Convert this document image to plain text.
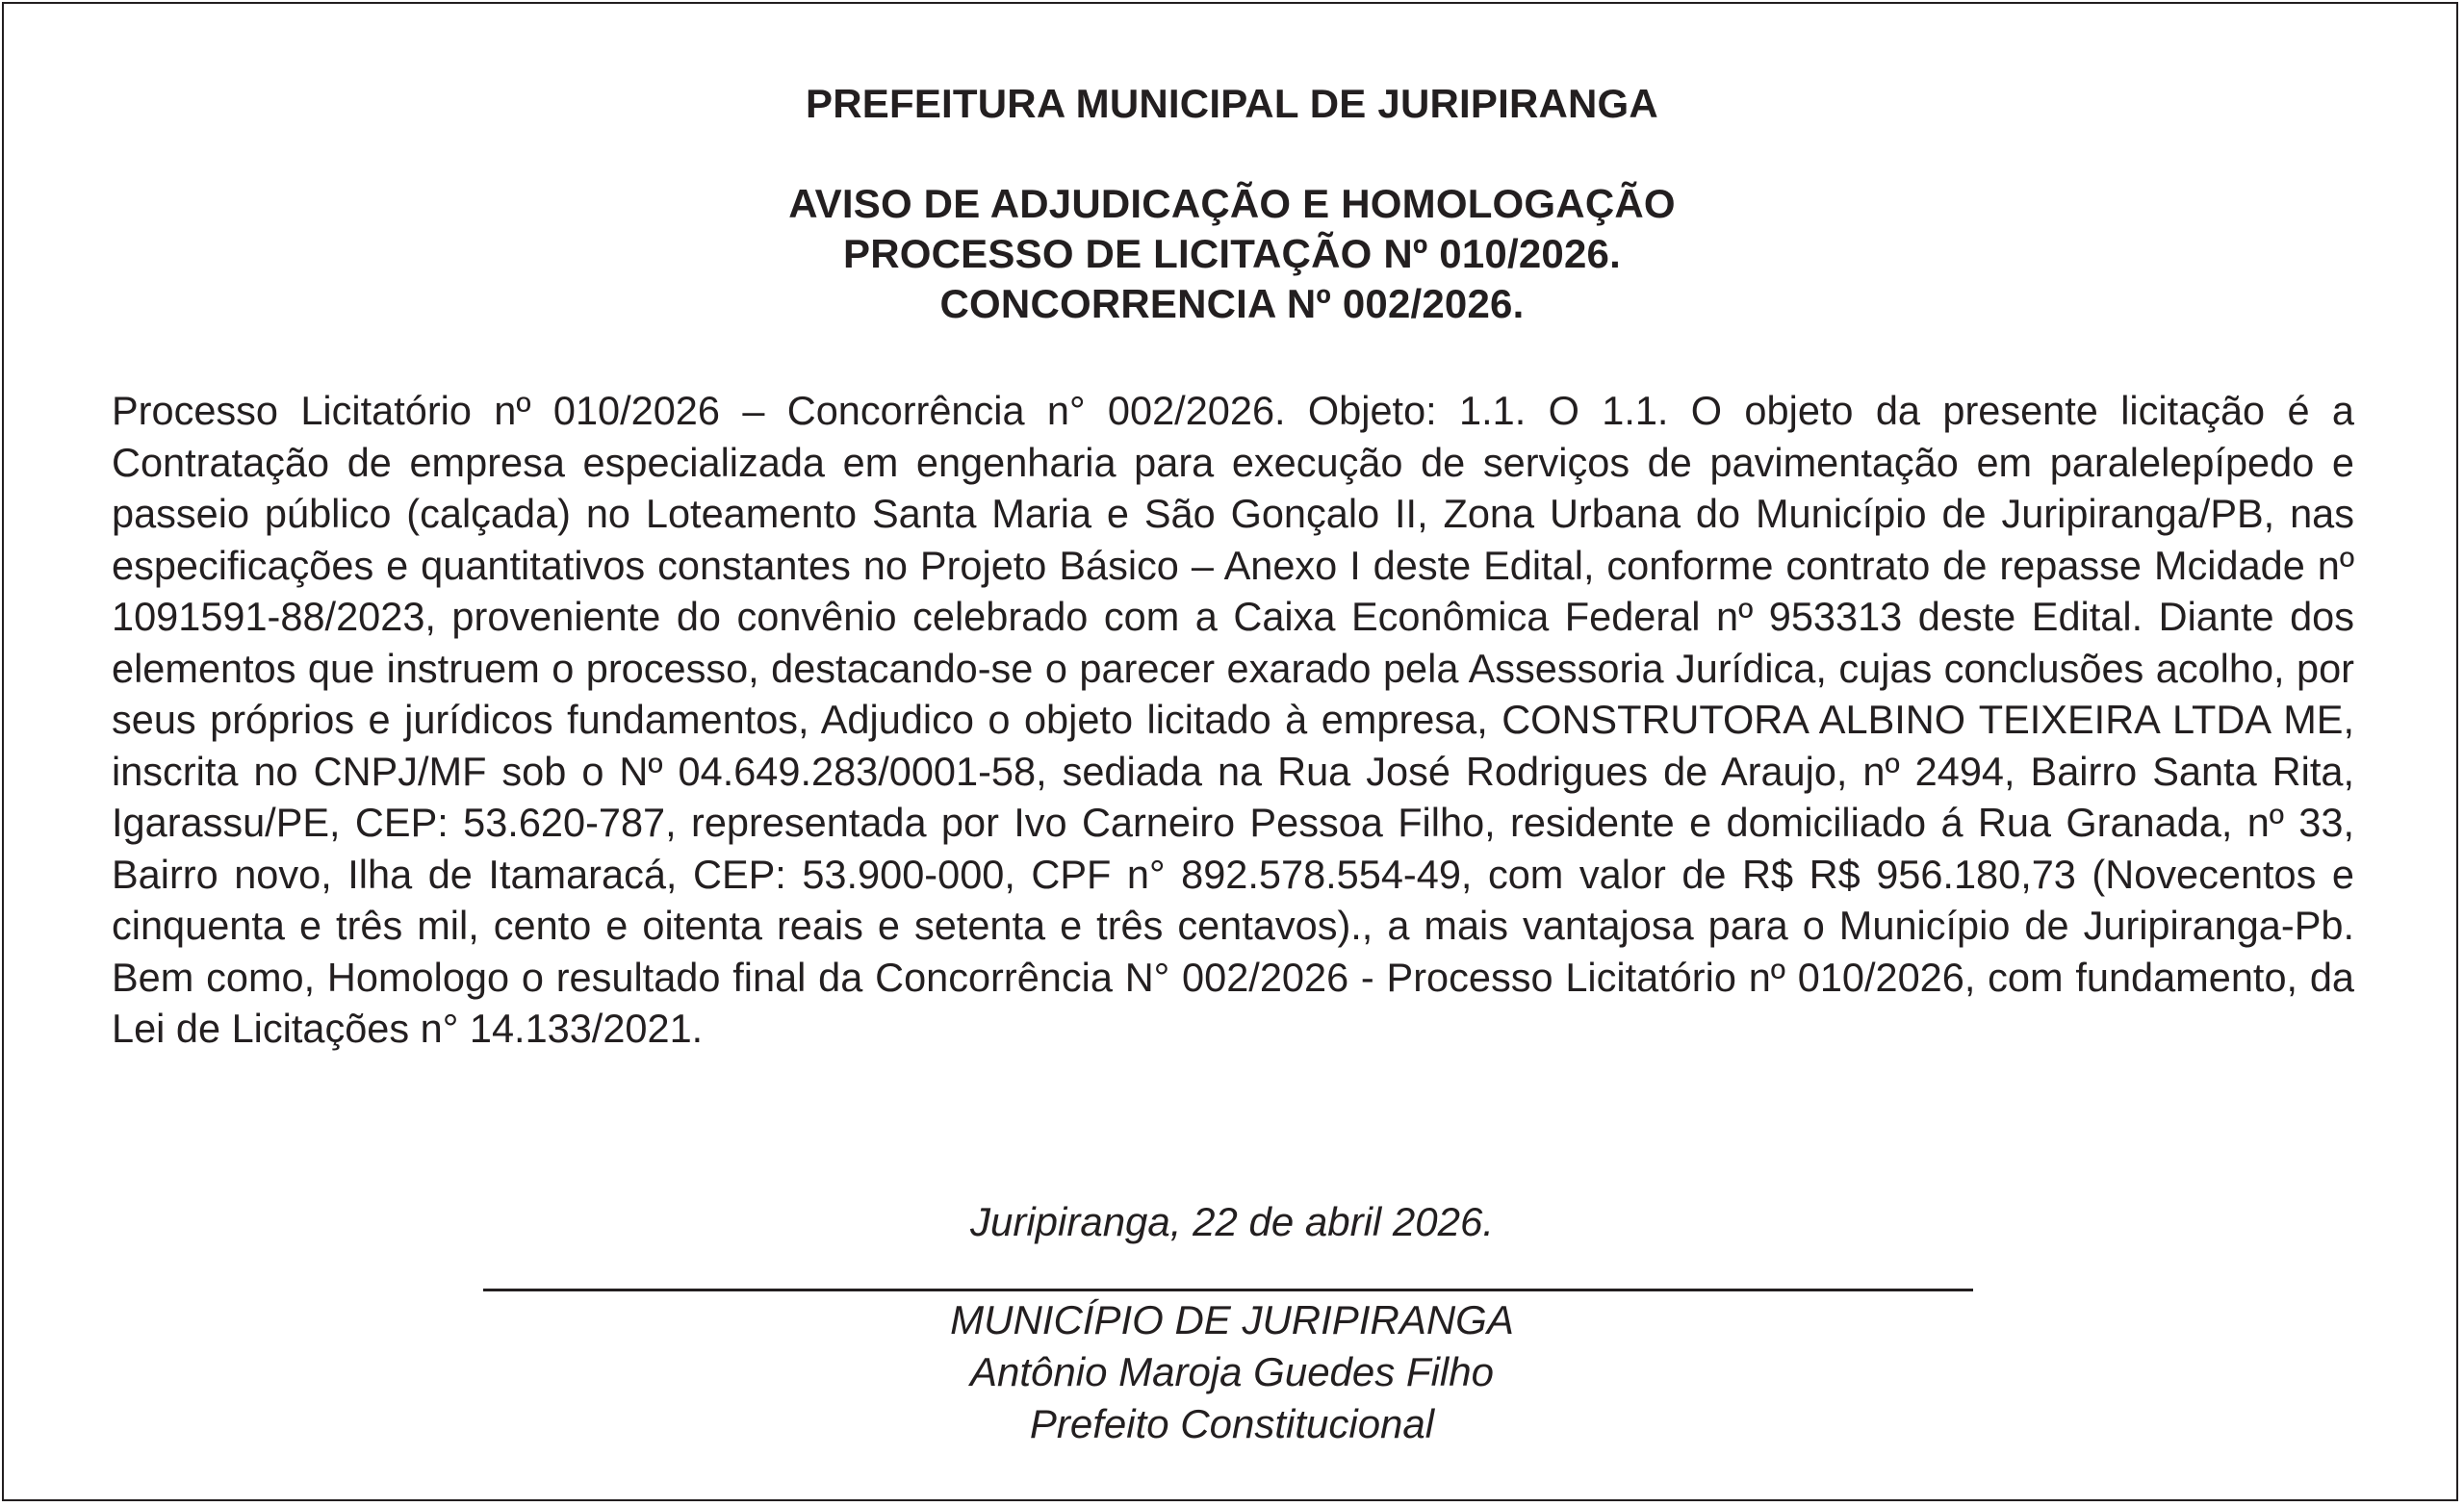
PREFEITURA MUNICIPAL DE JURIPIRANGA
AVISO DE ADJUDICAÇÃO E HOMOLOGAÇÃO
PROCESSO DE LICITAÇÃO Nº 010/2026.
CONCORRENCIA Nº 002/2026.

Processo Licitatório nº 010/2026 – Concorrência n° 002/2026. Objeto: 1.1. O 1.1. O objeto da presente licitação é a Contratação de empresa especializada em engenharia para execução de serviços de pavimentação em paralelepípedo e passeio público (calçada) no Loteamento Santa Maria e São Gonçalo II, Zona Urbana do Município de Juripiranga/PB, nas especificações e quantitativos constantes no Projeto Básico – Anexo I deste Edital, conforme contrato de repasse Mcidade nº 1091591-88/2023, proveniente do convênio celebrado com a Caixa Econômica Federal nº 953313 deste Edital. Diante dos elementos que instruem o processo, destacando-se o parecer exarado pela Assessoria Jurídica, cujas conclusões acolho, por seus próprios e jurídicos fundamentos, Adjudico o objeto licitado à empresa, CONSTRUTORA ALBINO TEIXEIRA LTDA ME, inscrita no CNPJ/MF sob o Nº 04.649.283/0001-58, sediada na Rua José Rodrigues de Araujo, nº 2494, Bairro Santa Rita, Igarassu/PE, CEP: 53.620-787, representada por Ivo Carneiro Pessoa Filho, residente e domiciliado á Rua Granada, nº 33, Bairro novo, Ilha de Itamaracá, CEP: 53.900-000, CPF n° 892.578.554-49, com valor de R$ R$ 956.180,73 (Novecentos e cinquenta e três mil, cento e oitenta reais e setenta e três centavos)., a mais vantajosa para o Município de Juripiranga-Pb. Bem como, Homologo o resultado final da Concorrência N° 002/2026 - Processo Licitatório nº 010/2026, com fundamento, da Lei de Licitações n° 14.133/2021.

Juripiranga, 22 de abril 2026.
MUNICÍPIO DE JURIPIRANGA
Antônio Maroja Guedes Filho
Prefeito Constitucional
